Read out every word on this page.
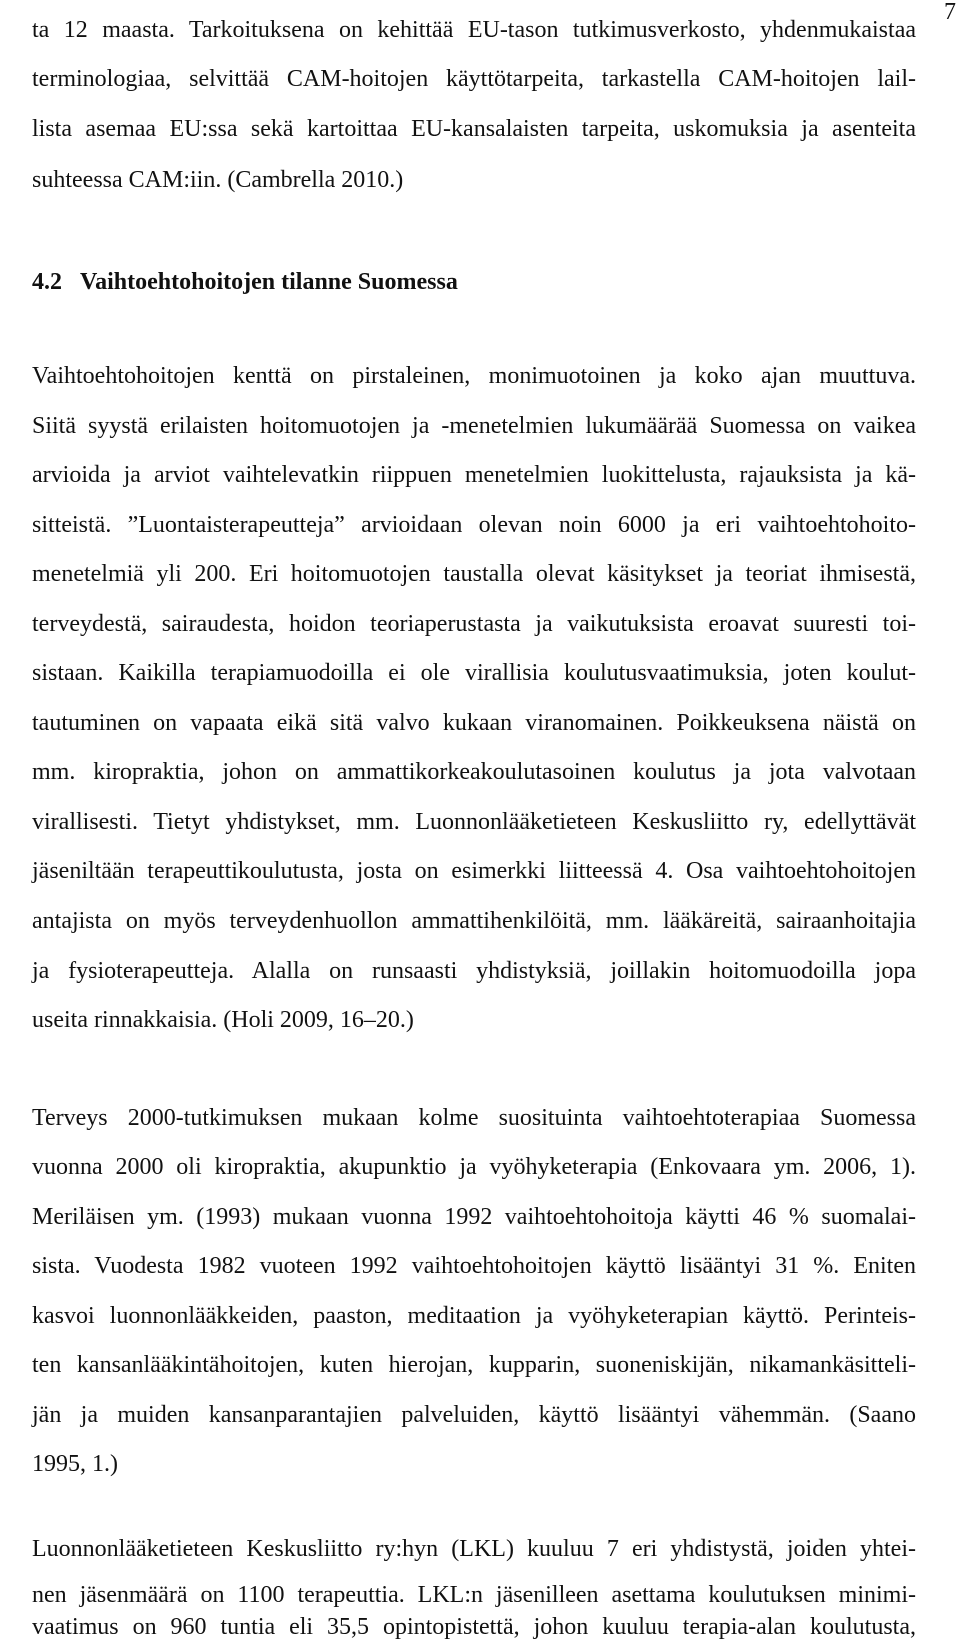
7
ta 12 maasta. Tarkoituksena on kehittää EU-tason tutkimusverkosto, yhdenmukaistaa
terminologiaa, selvittää CAM-hoitojen käyttötarpeita, tarkastella CAM-hoitojen lail-
lista asemaa EU:ssa sekä kartoittaa EU-kansalaisten tarpeita, uskomuksia ja asenteita
suhteessa CAM:iin. (Cambrella 2010.)
4.2 Vaihtoehtohoitojen tilanne Suomessa
Vaihtoehtohoitojen kenttä on pirstaleinen, monimuotoinen ja koko ajan muuttuva.
Siitä syystä erilaisten hoitomuotojen ja -menetelmien lukumäärää Suomessa on vaikea
arvioida ja arviot vaihtelevatkin riippuen menetelmien luokittelusta, rajauksista ja kä-
sitteistä. ”Luontaisterapeutteja” arvioidaan olevan noin 6000 ja eri vaihtoehtohoito-
menetelmiä yli 200. Eri hoitomuotojen taustalla olevat käsitykset ja teoriat ihmisestä,
terveydestä, sairaudesta, hoidon teoriaperustasta ja vaikutuksista eroavat suuresti toi-
sistaan. Kaikilla terapiamuodoilla ei ole virallisia koulutusvaatimuksia, joten koulut-
tautuminen on vapaata eikä sitä valvo kukaan viranomainen. Poikkeuksena näistä on
mm. kiropraktia, johon on ammattikorkeakoulutasoinen koulutus ja jota valvotaan
virallisesti. Tietyt yhdistykset, mm. Luonnonlääketieteen Keskusliitto ry, edellyttävät
jäseniltään terapeuttikoulutusta, josta on esimerkki liitteessä 4. Osa vaihtoehtohoitojen
antajista on myös terveydenhuollon ammattihenkilöitä, mm. lääkäreitä, sairaanhoitajia
ja fysioterapeutteja. Alalla on runsaasti yhdistyksiä, joillakin hoitomuodoilla jopa
useita rinnakkaisia. (Holi 2009, 16–20.)
Terveys 2000-tutkimuksen mukaan kolme suosituinta vaihtoehtoterapiaa Suomessa
vuonna 2000 oli kiropraktia, akupunktio ja vyöhyketerapia (Enkovaara ym. 2006, 1).
Meriläisen ym. (1993) mukaan vuonna 1992 vaihtoehtohoitoja käytti 46 % suomalai-
sista. Vuodesta 1982 vuoteen 1992 vaihtoehtohoitojen käyttö lisääntyi 31 %. Eniten
kasvoi luonnonlääkkeiden, paaston, meditaation ja vyöhyketerapian käyttö. Perinteis-
ten kansanlääkintähoitojen, kuten hierojan, kupparin, suoneniskijän, nikamankäsitteli-
jän ja muiden kansanparantajien palveluiden, käyttö lisääntyi vähemmän. (Saano
1995, 1.)
Luonnonlääketieteen Keskusliitto ry:hyn (LKL) kuuluu 7 eri yhdistystä, joiden yhtei-
nen jäsenmäärä on 1100 terapeuttia. LKL:n jäsenilleen asettama koulutuksen minimi-
vaatimus on 960 tuntia eli 35,5 opintopistettä, johon kuuluu terapia-alan koulutusta,
